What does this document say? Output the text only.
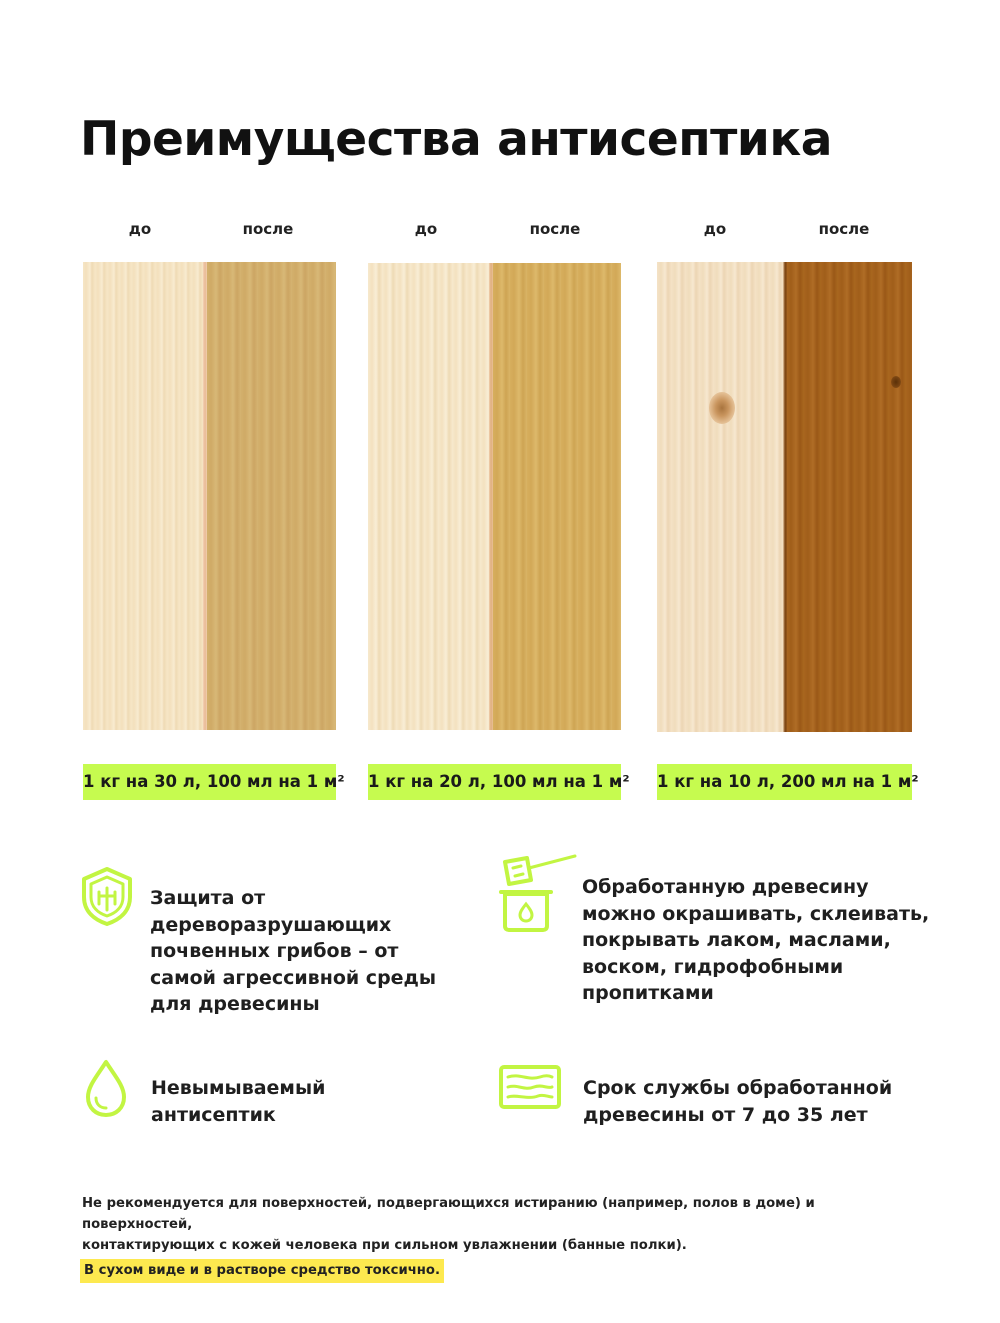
Преимущества антисептика
до	после	до	после	до	после
1 кг на 30 л, 100 мл на 1 м² 1 кг на 20 л, 100 мл на 1 м² 1 кг на 10 л, 200 мл на 1 м²
Защита от
дереворазрушающих
почвенных грибов – от
самой агрессивной среды
для древесины
Обработанную древесину
можно окрашивать, склеивать,
покрывать лаком, маслами,
воском, гидрофобными
пропитками
Невымываемый
антисептик
Срок службы обработанной
древесины от 7 до 35 лет
Не рекомендуется для поверхностей, подвергающихся истиранию (например, полов в доме) и поверхностей,
контактирующих с кожей человека при сильном увлажнении (банные полки).
В сухом виде и в растворе средство токсично.
